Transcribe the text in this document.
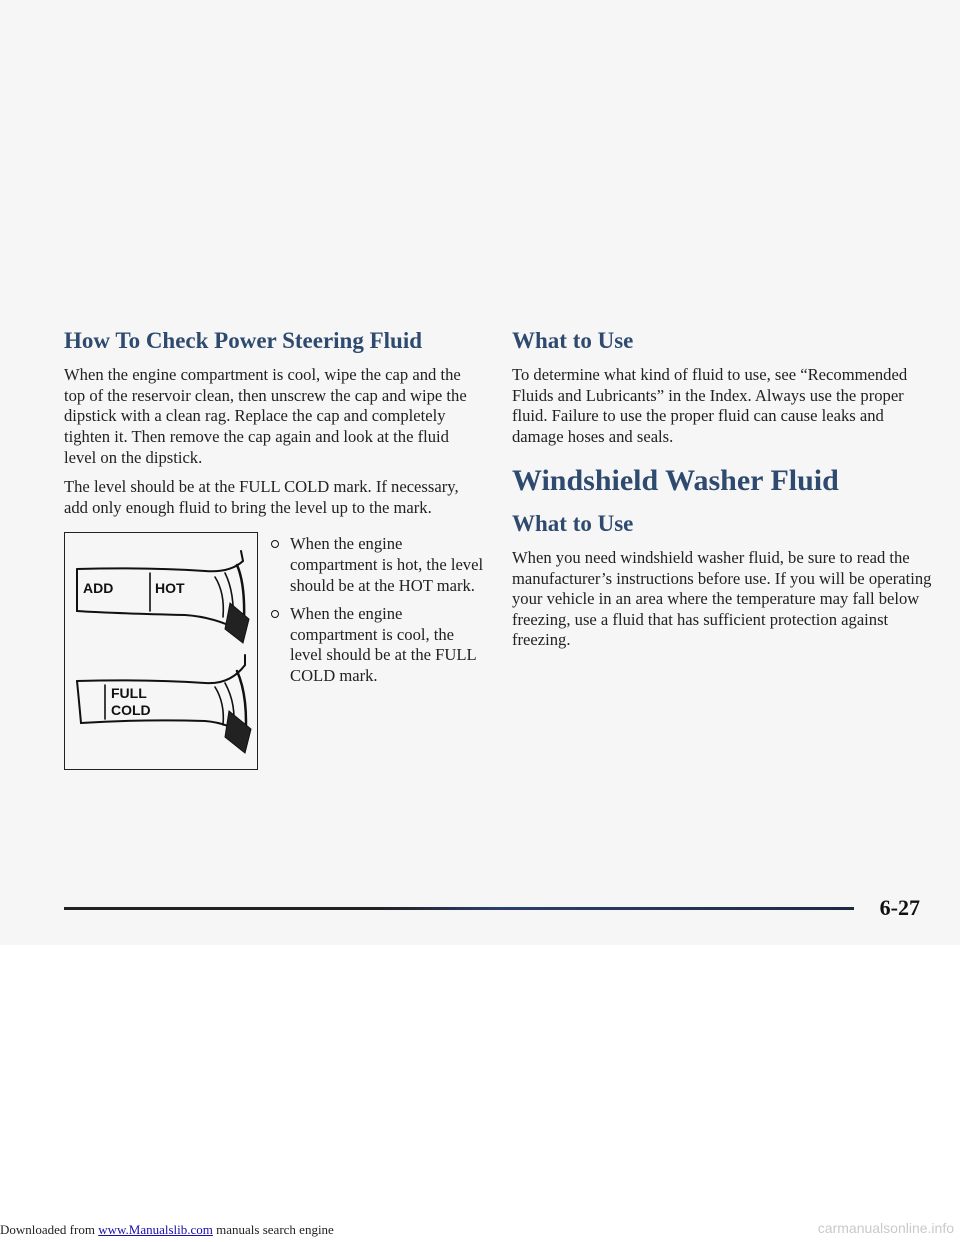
How To Check Power Steering Fluid

When the engine compartment is cool, wipe the cap and the top of the reservoir clean, then unscrew the cap and wipe the dipstick with a clean rag. Replace the cap and completely tighten it. Then remove the cap again and look at the fluid level on the dipstick.

The level should be at the FULL COLD mark. If necessary, add only enough fluid to bring the level up to the mark.

ADD	HOT
FULL
COLD
When the engine compartment is hot, the level should be at the HOT mark.
When the engine compartment is cool, the level should be at the FULL COLD mark.
What to Use

To determine what kind of fluid to use, see “Recommended Fluids and Lubricants” in the Index. Always use the proper fluid. Failure to use the proper fluid can cause leaks and damage hoses and seals.

Windshield Washer Fluid
What to Use

When you need windshield washer fluid, be sure to read the manufacturer’s instructions before use. If you will be operating your vehicle in an area where the temperature may fall below freezing, use a fluid that has sufficient protection against freezing.

6-27
Downloaded from www.Manualslib.com manuals search engine	carmanualsonline.info
